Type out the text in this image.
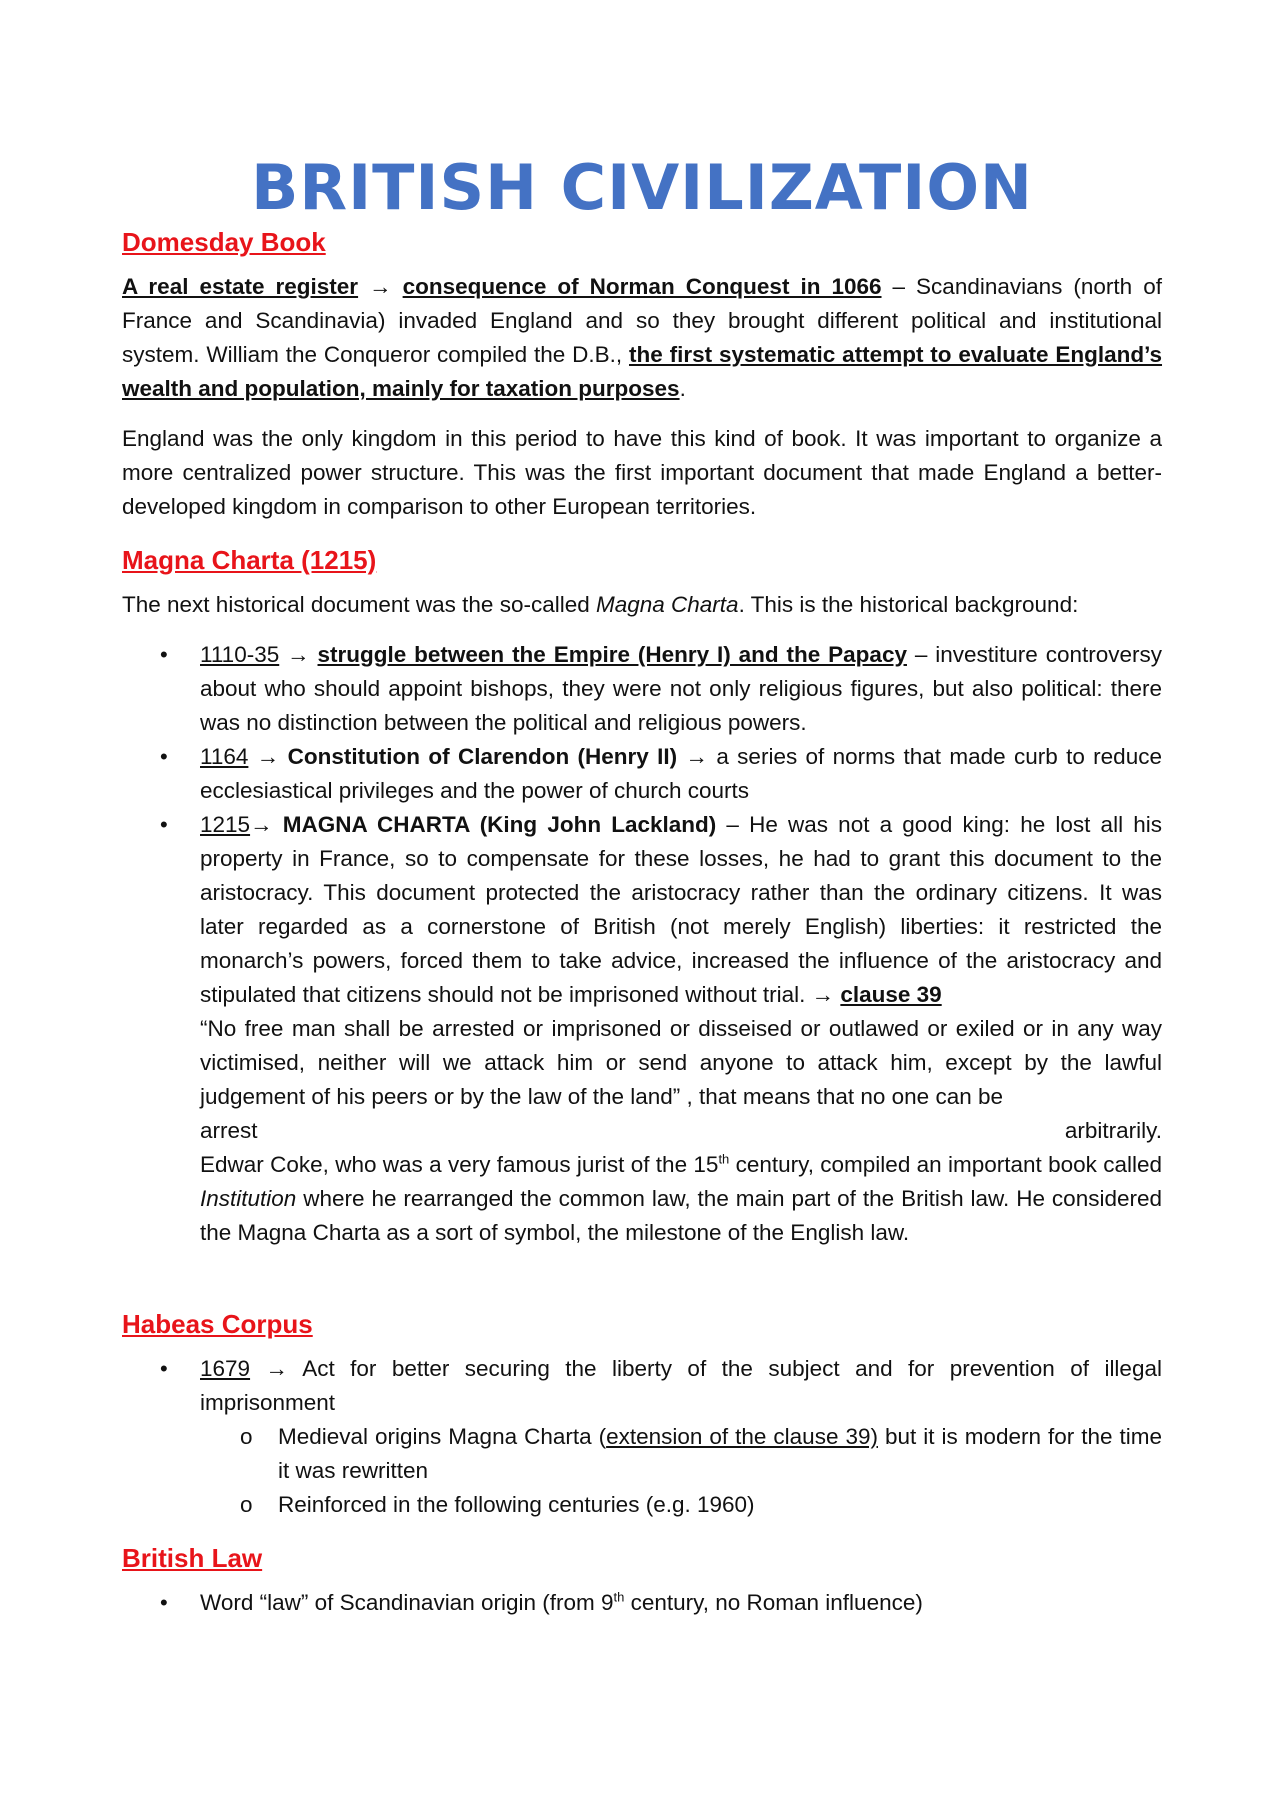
BRITISH CIVILIZATION
Domesday Book

A real estate register → consequence of Norman Conquest in 1066 – Scandinavians (north of France and Scandinavia) invaded England and so they brought different political and institutional system. William the Conqueror compiled the D.B., the first systematic attempt to evaluate England’s wealth and population, mainly for taxation purposes.

England was the only kingdom in this period to have this kind of book. It was important to organize a more centralized power structure. This was the first important document that made England a better-developed kingdom in comparison to other European territories.

Magna Charta (1215)

The next historical document was the so-called Magna Charta. This is the historical background:

• 1110-35 → struggle between the Empire (Henry I) and the Papacy – investiture controversy about who should appoint bishops, they were not only religious figures, but also political: there was no distinction between the political and religious powers.
• 1164 → Constitution of Clarendon (Henry II) → a series of norms that made curb to reduce ecclesiastical privileges and the power of church courts
• 1215→ MAGNA CHARTA (King John Lackland) – He was not a good king: he lost all his property in France, so to compensate for these losses, he had to grant this document to the aristocracy. This document protected the aristocracy rather than the ordinary citizens. It was later regarded as a cornerstone of British (not merely English) liberties: it restricted the monarch’s powers, forced them to take advice, increased the influence of the aristocracy and stipulated that citizens should not be imprisoned without trial. → clause 39
“No free man shall be arrested or imprisoned or disseised or outlawed or exiled or in any way victimised, neither will we attack him or send anyone to attack him, except by the lawful judgement of his peers or by the law of the land” , that means that no one can be
arrest	arbitrarily.
Edwar Coke, who was a very famous jurist of the 15th century, compiled an important book called Institution where he rearranged the common law, the main part of the British law. He considered the Magna Charta as a sort of symbol, the milestone of the English law.
Habeas Corpus
• 1679 → Act for better securing the liberty of the subject and for prevention of illegal imprisonment
o Medieval origins Magna Charta (extension of the clause 39) but it is modern for the time it was rewritten
o Reinforced in the following centuries (e.g. 1960)
British Law
• Word “law” of Scandinavian origin (from 9th century, no Roman influence)
